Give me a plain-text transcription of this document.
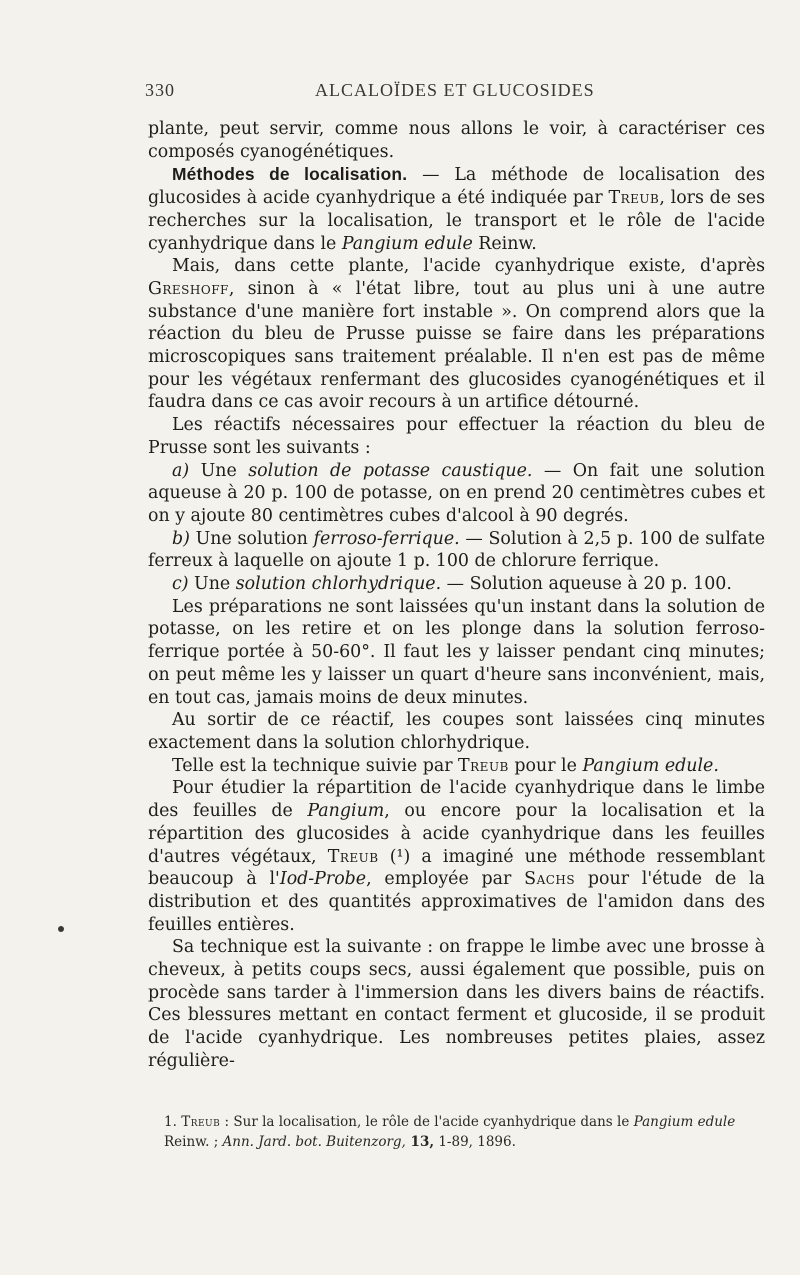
330	ALCALOÏDES ET GLUCOSIDES

plante, peut servir, comme nous allons le voir, à caractériser ces composés cyanogénétiques.

Méthodes de localisation. — La méthode de localisation des glucosides à acide cyanhydrique a été indiquée par Treub, lors de ses recherches sur la localisation, le transport et le rôle de l'acide cyanhydrique dans le Pangium edule Reinw.

Mais, dans cette plante, l'acide cyanhydrique existe, d'après Greshoff, sinon à « l'état libre, tout au plus uni à une autre substance d'une manière fort instable ». On comprend alors que la réaction du bleu de Prusse puisse se faire dans les préparations microscopiques sans traitement préalable. Il n'en est pas de même pour les végétaux renfermant des glucosides cyanogénétiques et il faudra dans ce cas avoir recours à un artifice détourné.

Les réactifs nécessaires pour effectuer la réaction du bleu de Prusse sont les suivants :

a) Une solution de potasse caustique. — On fait une solution aqueuse à 20 p. 100 de potasse, on en prend 20 centimètres cubes et on y ajoute 80 centimètres cubes d'alcool à 90 degrés.

b) Une solution ferroso-ferrique. — Solution à 2,5 p. 100 de sulfate ferreux à laquelle on ajoute 1 p. 100 de chlorure ferrique.

c) Une solution chlorhydrique. — Solution aqueuse à 20 p. 100.

Les préparations ne sont laissées qu'un instant dans la solution de potasse, on les retire et on les plonge dans la solution ferroso-ferrique portée à 50-60°. Il faut les y laisser pendant cinq minutes; on peut même les y laisser un quart d'heure sans inconvénient, mais, en tout cas, jamais moins de deux minutes.

Au sortir de ce réactif, les coupes sont laissées cinq minutes exactement dans la solution chlorhydrique.

Telle est la technique suivie par Treub pour le Pangium edule.

Pour étudier la répartition de l'acide cyanhydrique dans le limbe des feuilles de Pangium, ou encore pour la localisation et la répartition des glucosides à acide cyanhydrique dans les feuilles d'autres végétaux, Treub (¹) a imaginé une méthode ressemblant beaucoup à l'Iod-Probe, employée par Sachs pour l'étude de la distribution et des quantités approximatives de l'amidon dans des feuilles entières.

Sa technique est la suivante : on frappe le limbe avec une brosse à cheveux, à petits coups secs, aussi également que possible, puis on procède sans tarder à l'immersion dans les divers bains de réactifs. Ces blessures mettant en contact ferment et glucoside, il se produit de l'acide cyanhydrique. Les nombreuses petites plaies, assez régulière-

1. Treub : Sur la localisation, le rôle de l'acide cyanhydrique dans le Pangium edule Reinw. ; Ann. Jard. bot. Buitenzorg, 13, 1-89, 1896.
